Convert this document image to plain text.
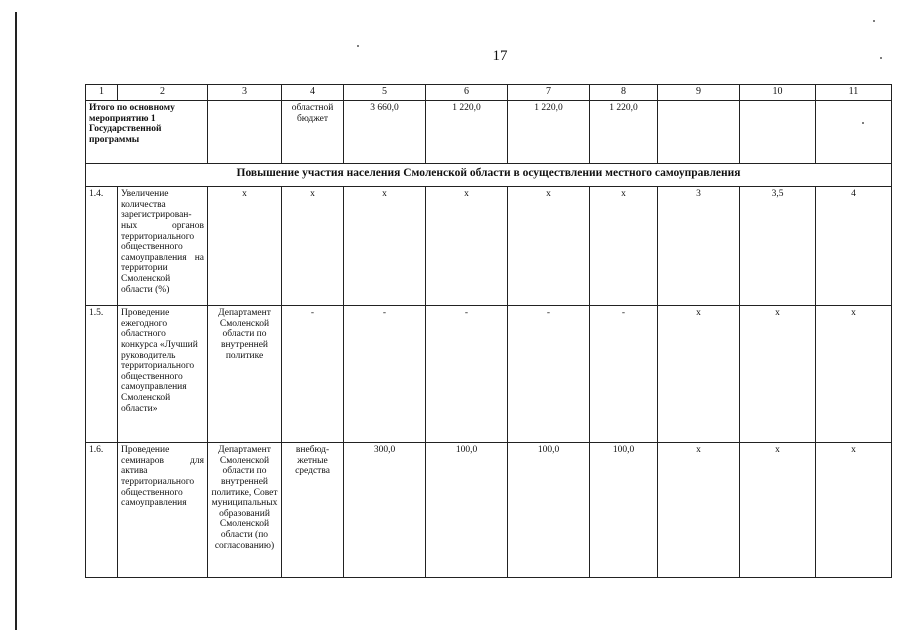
17
1	2	3	4	5	6	7	8	9	10	11
Итого по основному мероприятию 1 Государственной программы			областной бюджет	3 660,0	1 220,0	1 220,0	1 220,0			
Повышение участия населения Смоленской области в осуществлении местного самоуправления										
1.4.	Увеличение количества зарегистрирован-ных органов территориального общественного самоуправления на территории Смоленской области (%)	х	х	х	х	х	х	3	3,5	4
1.5.	Проведение ежегодного областного конкурса «Лучший руководитель территориального общественного самоуправления Смоленской области»	Департамент Смоленской области по внутренней политике	-	-	-	-	-	х	х	х
1.6.	Проведение семинаров для актива территориального общественного самоуправления	Департамент Смоленской области по внутренней политике, Совет муниципальных образований Смоленской области (по согласованию)	внебюд-жетные средства	300,0	100,0	100,0	100,0	х	х	х
